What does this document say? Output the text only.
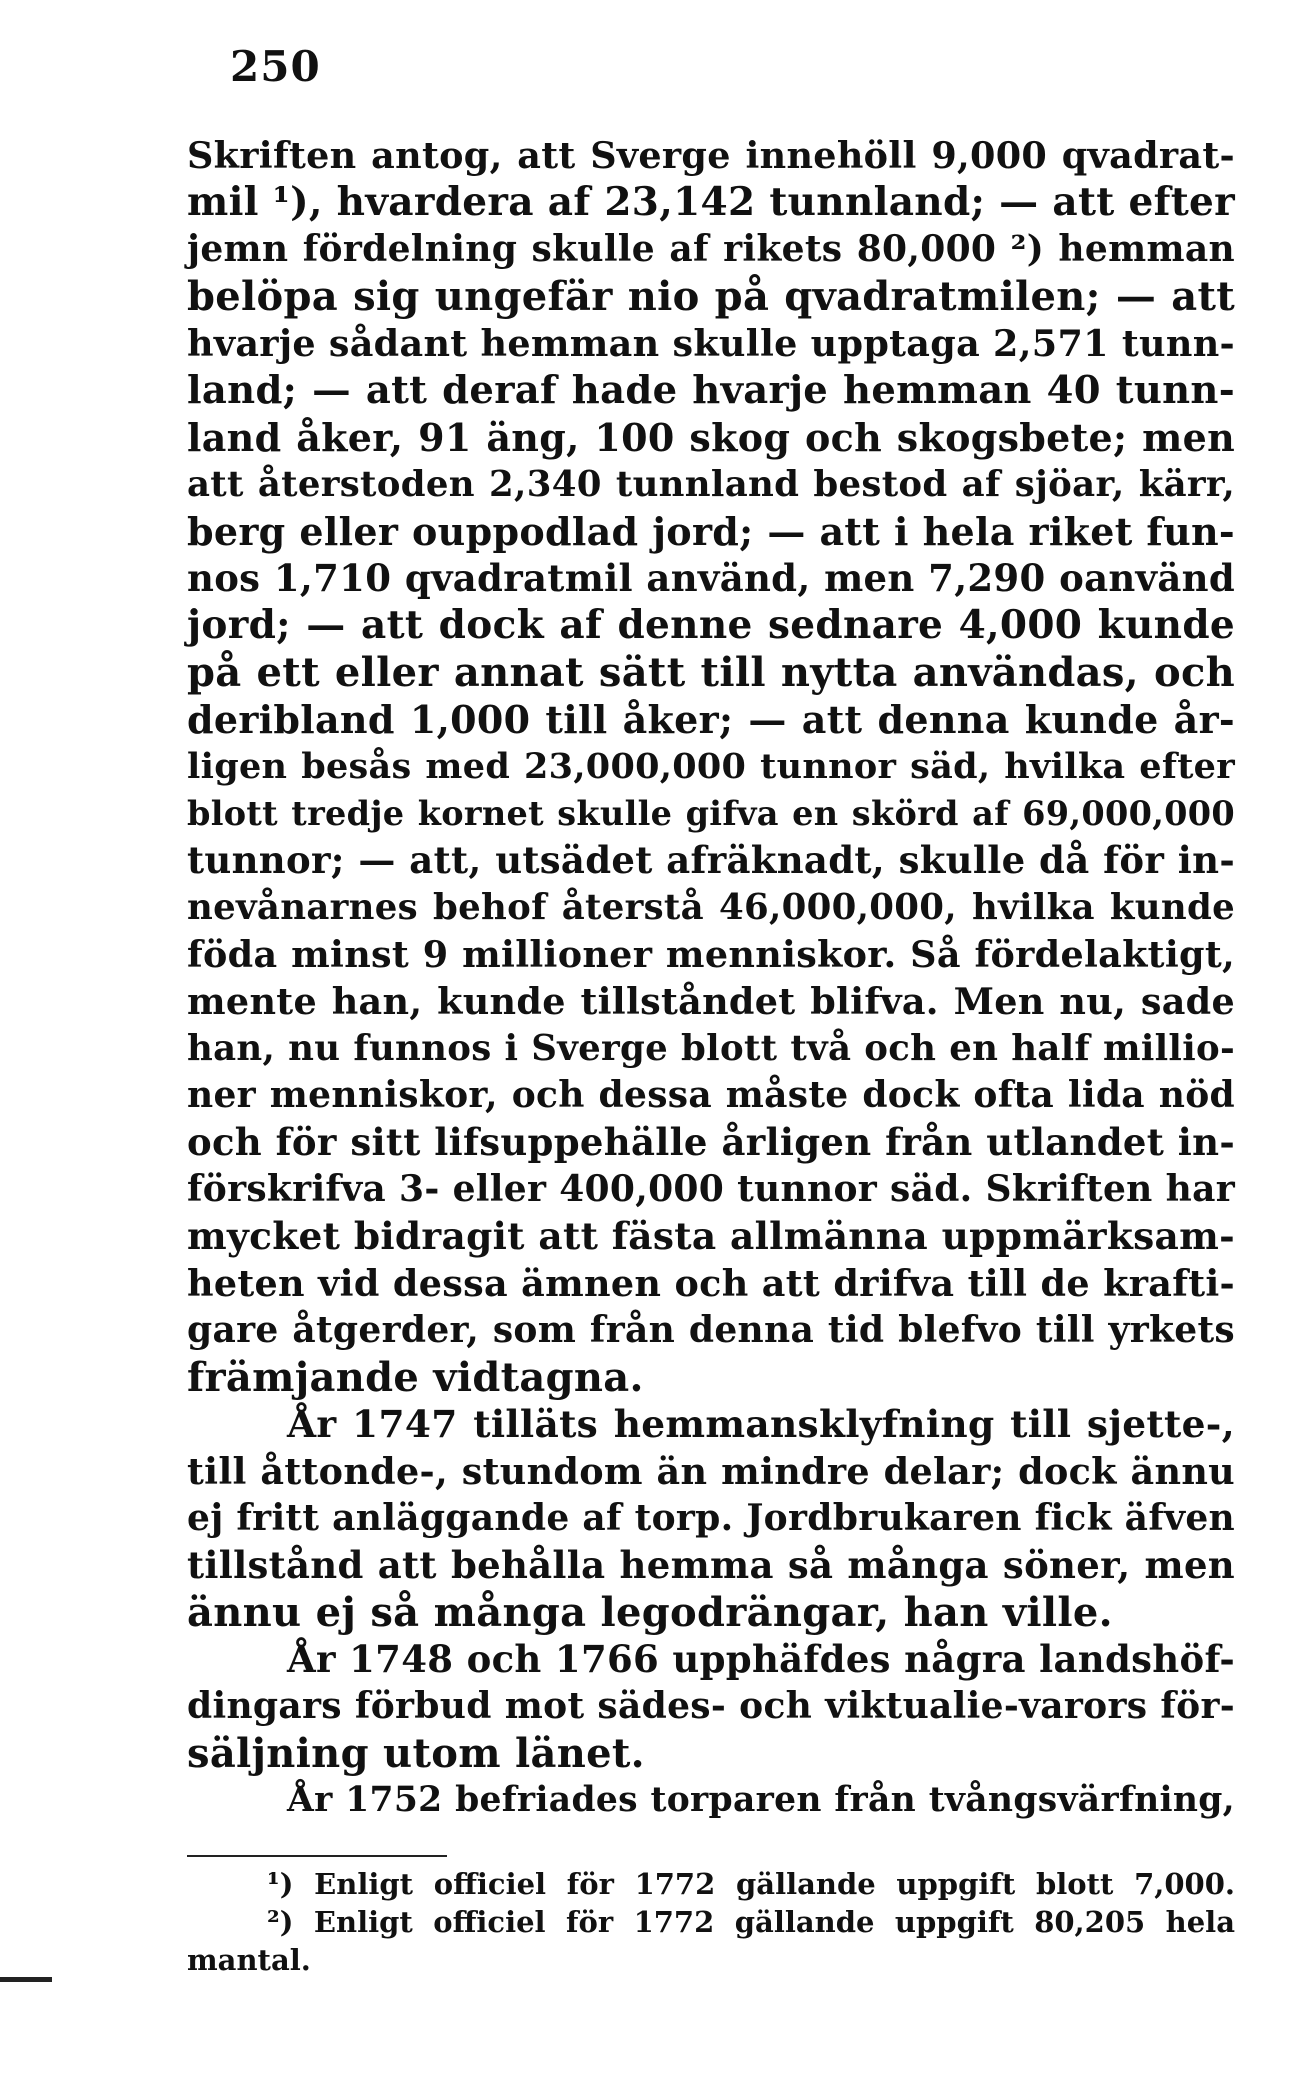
250
Skriften antog, att Sverge innehöll 9,000 qvadrat-
mil ¹), hvardera af 23,142 tunnland; — att efter
jemn fördelning skulle af rikets 80,000 ²) hemman
belöpa sig ungefär nio på qvadratmilen; — att
hvarje sådant hemman skulle upptaga 2,571 tunn-
land; — att deraf hade hvarje hemman 40 tunn-
land åker, 91 äng, 100 skog och skogsbete; men
att återstoden 2,340 tunnland bestod af sjöar, kärr,
berg eller ouppodlad jord; — att i hela riket fun-
nos 1,710 qvadratmil använd, men 7,290 oanvänd
jord; — att dock af denne sednare 4,000 kunde
på ett eller annat sätt till nytta användas, och
deribland 1,000 till åker; — att denna kunde år-
ligen besås med 23,000,000 tunnor säd, hvilka efter
blott tredje kornet skulle gifva en skörd af 69,000,000
tunnor; — att, utsädet afräknadt, skulle då för in-
nevånarnes behof återstå 46,000,000, hvilka kunde
föda minst 9 millioner menniskor. Så fördelaktigt,
mente han, kunde tillståndet blifva. Men nu, sade
han, nu funnos i Sverge blott två och en half millio-
ner menniskor, och dessa måste dock ofta lida nöd
och för sitt lifsuppehälle årligen från utlandet in-
förskrifva 3- eller 400,000 tunnor säd. Skriften har
mycket bidragit att fästa allmänna uppmärksam-
heten vid dessa ämnen och att drifva till de krafti-
gare åtgerder, som från denna tid blefvo till yrkets
främjande vidtagna.
År 1747 tilläts hemmansklyfning till sjette-,
till åttonde-, stundom än mindre delar; dock ännu
ej fritt anläggande af torp. Jordbrukaren fick äfven
tillstånd att behålla hemma så många söner, men
ännu ej så många legodrängar, han ville.
År 1748 och 1766 upphäfdes några landshöf-
dingars förbud mot sädes- och viktualie-varors för-
säljning utom länet.
År 1752 befriades torparen från tvångsvärfning,
¹) Enligt officiel för 1772 gällande uppgift blott 7,000.
²) Enligt officiel för 1772 gällande uppgift 80,205 hela
mantal.
